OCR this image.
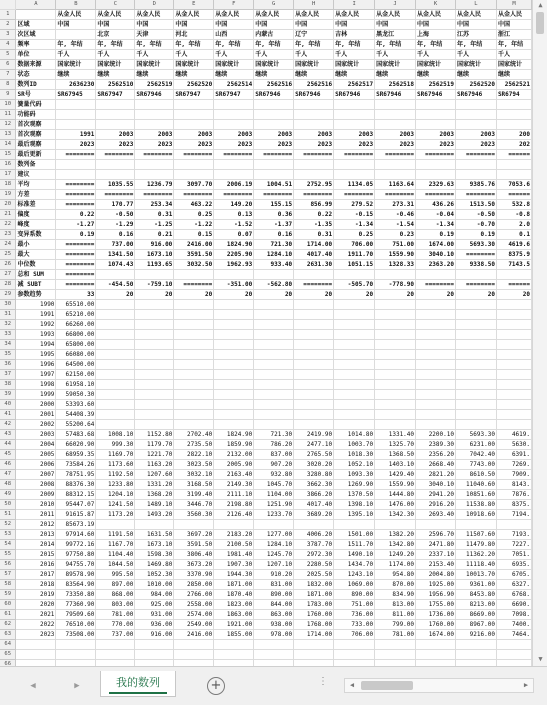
	A	B	C	D	E	F	G	H	I	J	K	L	M
1		从金人民	从金人民	从金人民	从金人民	从金人民	从金人民	从金人民	从金人民	从金人民	从金人民	从金人民	从金人民
2	区域	中国	中国	中国	中国	中国	中国	中国	中国	中国	中国	中国	中国
3	次区域		北京	天津	河北	山西	内蒙古	辽宁	吉林	黑龙江	上海	江苏	浙江
4	频率	年, 年结	年, 年结	年, 年结	年, 年结	年, 年结	年, 年结	年, 年结	年, 年结	年, 年结	年, 年结	年, 年结	年, 年结
5	单位	千人	千人	千人	千人	千人	千人	千人	千人	千人	千人	千人	千人
6	数据来源	国家统计	国家统计	国家统计	国家统计	国家统计	国家统计	国家统计	国家统计	国家统计	国家统计	国家统计	国家统计
7	状态	继续	继续	继续	继续	继续	继续	继续	继续	继续	继续	继续	继续
8	数列ID	2636230	2562510	2562519	2562520	2562514	2562516	2562516	2562517	2562518	2562519	2562520	2562521
9	SR号	SR67945	SR67947	SR67946	SR67947	SR67947	SR67946	SR67946	SR67946	SR67946	SR67946	SR67946	SR6794
10	簧量代码												
11	功能码												
12	首次观察												
13	首次观察	1991	2003	2003	2003	2003	2003	2003	2003	2003	2003	2003	200
14	最后观察	2023	2023	2023	2023	2023	2023	2023	2023	2023	2023	2023	202
15	最后更新	========	========	========	========	========	========	========	========	========	========	========	======
16	数列备												
17	建议												
18	平均	========	1035.55	1236.79	3097.70	2006.19	1004.51	2752.95	1134.05	1163.64	2329.63	9385.76	7053.6
19	方差	========	========	========	========	========	========	========	========	========	========	========	======
20	标准差	========	170.77	253.34	463.22	149.20	155.15	856.99	279.52	273.31	436.26	1513.50	532.8
21	偏度	0.22	-0.50	0.31	0.25	0.13	0.36	0.22	-0.15	-0.46	-0.04	-0.50	-0.8
22	峰度	-1.27	-1.29	-1.25	-1.22	-1.52	-1.37	-1.35	-1.34	-1.54	-1.34	-0.70	2.0
23	变异系数	0.19	0.16	0.21	0.15	0.07	0.16	0.31	0.25	0.23	0.19	0.19	0.1
24	最小	========	737.00	916.00	2416.00	1824.90	721.30	1714.00	706.00	751.00	1674.00	5693.30	4619.6
25	最大	========	1341.50	1673.10	3591.50	2205.90	1284.10	4017.40	1911.70	1559.90	3040.10	========	8375.9
26	中位数	========	1074.43	1193.65	3032.50	1962.93	933.40	2631.30	1051.15	1328.33	2363.20	9338.50	7143.5
27	总和 SUM	========											
28	减 SUBT	========	-454.50	-759.10	========	-351.00	-562.80	========	-505.70	-778.90	========	========	======
29	参数趋势	33	20	20	20	20	20	20	20	20	20	20	20
30	1990	65510.00											
31	1991	65210.00											
32	1992	66260.00											
33	1993	66800.00											
34	1994	65800.00											
35	1995	66080.00											
36	1996	64500.00											
37	1997	62150.00											
38	1998	61958.10											
39	1999	59050.30											
40	2000	53393.60											
41	2001	54408.39											
42	2002	55200.64											
43	2003	57483.68	1008.10	1152.80	2702.40	1824.90	721.30	2419.90	1014.80	1331.40	2200.10	5693.30	4619.
44	2004	66020.90	999.30	1179.70	2735.50	1859.90	786.20	2477.10	1003.70	1325.70	2389.30	6231.00	5630.
45	2005	68959.35	1169.70	1221.70	2822.10	2132.00	837.00	2765.50	1018.30	1368.50	2356.20	7042.40	6391.
46	2006	73584.26	1173.60	1163.20	3023.50	2005.90	907.20	3020.20	1052.10	1403.10	2668.40	7743.00	7269.
47	2007	78751.95	1192.50	1207.60	3032.10	2163.40	932.80	3280.80	1093.30	1429.40	2821.20	8610.50	7909.
48	2008	88376.30	1233.80	1331.20	3168.50	2149.30	1045.70	3662.30	1269.90	1559.90	3040.10	11040.60	8143.
49	2009	88312.15	1204.10	1368.20	3199.40	2111.10	1104.00	3866.20	1370.50	1444.80	2941.20	10851.60	7876.
50	2010	95447.07	1241.50	1489.10	3446.70	2198.80	1251.90	4017.40	1398.10	1476.00	2916.20	11538.80	8375.
51	2011	91615.87	1173.20	1493.20	3560.30	2126.40	1233.70	3689.20	1395.10	1342.30	2693.40	10918.60	7194.
52	2012	85673.19											
53	2013	97914.60	1191.50	1631.50	3697.20	2183.20	1277.00	4006.20	1501.00	1382.20	2596.70	11507.60	7193.
54	2014	99772.16	1167.70	1673.10	3591.50	2100.50	1284.10	3787.70	1511.70	1342.80	2471.80	11479.80	7227.
55	2015	97750.80	1104.40	1598.30	3806.40	1981.40	1245.70	2972.30	1490.10	1249.20	2337.10	11362.20	7051.
56	2016	94755.70	1044.50	1469.80	3673.20	1907.30	1207.10	2280.50	1434.70	1174.00	2153.40	11118.40	6935.
57	2017	89578.90	995.50	1052.30	3370.90	1944.30	910.20	2025.50	1243.10	954.80	2004.80	10013.70	6705.
58	2018	83564.90	897.00	1010.00	2850.00	1871.00	831.00	1832.00	1069.00	870.00	1925.00	9361.00	6327.
59	2019	73350.80	868.00	984.00	2766.00	1870.40	890.00	1871.00	890.00	834.90	1956.90	8453.80	6768.
60	2020	77360.90	803.00	925.00	2558.00	1823.00	844.00	1783.00	751.00	813.00	1755.00	8213.00	6690.
61	2021	79509.60	781.00	931.00	2574.00	1863.00	863.00	1760.00	736.00	811.00	1736.00	8669.00	7098.
62	2022	76510.00	770.00	936.00	2549.00	1921.00	938.00	1768.00	733.00	799.00	1760.00	8967.00	7400.
63	2023	73508.00	737.00	916.00	2416.00	1855.00	978.00	1714.00	706.00	781.00	1674.00	9216.00	7464.
64													
65													
66													
▲
▼
◀	▶	我的数列	+	⋮	◀	▶
